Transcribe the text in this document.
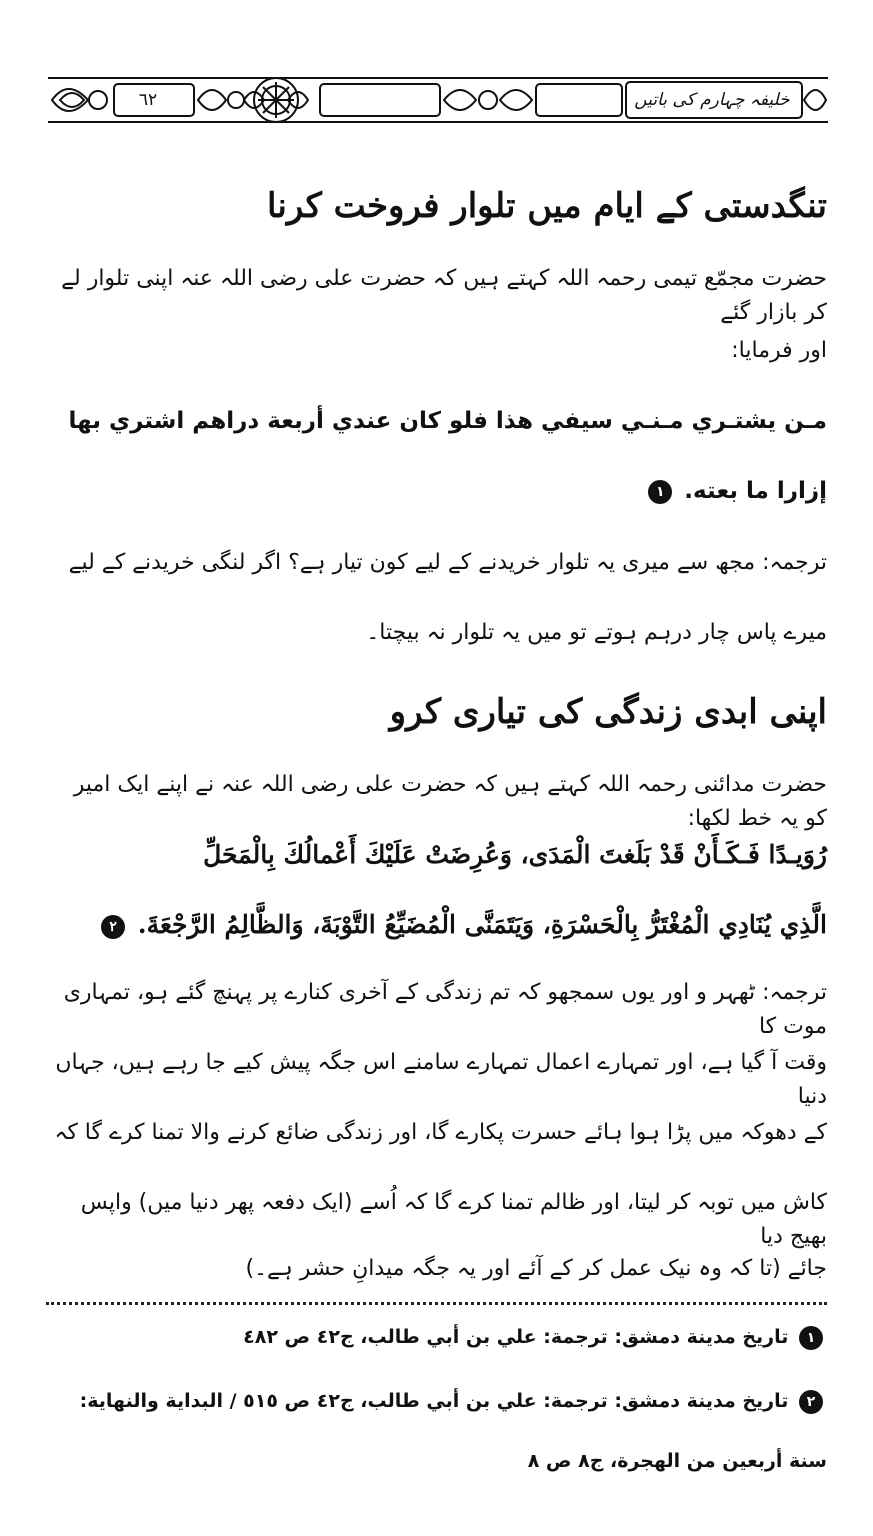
٦٢	خلیفہ چہارم کی باتیں
تنگدستی کے ایام میں تلوار فروخت کرنا
حضرت مجمّع تیمی رحمہ اللہ کہتے ہیں کہ حضرت علی رضی اللہ عنہ اپنی تلوار لے کر بازار گئے
اور فرمایا:
مـن يشتـري مـنـي سيفي هذا فلو كان عندي أربعة دراهم اشتري بها
إزارا ما بعته. ١
ترجمہ: مجھ سے میری یہ تلوار خریدنے کے لیے کون تیار ہے؟ اگر لنگی خریدنے کے لیے
میرے پاس چار درہم ہوتے تو میں یہ تلوار نہ بیچتا۔
اپنی ابدی زندگی کی تیاری کرو
حضرت مدائنی رحمہ اللہ کہتے ہیں کہ حضرت علی رضی اللہ عنہ نے اپنے ایک امیر کو یہ خط لکھا:
رُوَيـدًا فَـكَـأَنْ قَدْ بَلَغتَ الْمَدَى، وَعُرِضَتْ عَلَيْكَ أَعْمالُكَ بِالْمَحَلِّ
الَّذِي يُنَادِي الْمُغْتَرُّ بِالْحَسْرَةِ، وَيَتَمَنَّى الْمُضَيِّعُ التَّوْبَةَ، وَالظَّالِمُ الرَّجْعَةَ. ٢
ترجمہ: ٹھہر و اور یوں سمجھو کہ تم زندگی کے آخری کنارے پر پہنچ گئے ہو، تمہاری موت کا
وقت آ گیا ہے، اور تمہارے اعمال تمہارے سامنے اس جگہ پیش کیے جا رہے ہیں، جہاں دنیا
کے دھوکہ میں پڑا ہوا ہائے حسرت پکارے گا، اور زندگی ضائع کرنے والا تمنا کرے گا کہ
کاش میں توبہ کر لیتا، اور ظالم تمنا کرے گا کہ اُسے (ایک دفعہ پھر دنیا میں) واپس بھیج دیا
جائے (تا کہ وہ نیک عمل کر کے آئے اور یہ جگہ میدانِ حشر ہے۔)
١ تاريخ مدينة دمشق: ترجمة: علي بن أبي طالب، ج٤٢ ص ٤٨٢
٢ تاريخ مدينة دمشق: ترجمة: علي بن أبي طالب، ج٤٢ ص ٥١٥ / البداية والنهاية:
سنة أربعين من الهجرة، ج٨ ص ٨
